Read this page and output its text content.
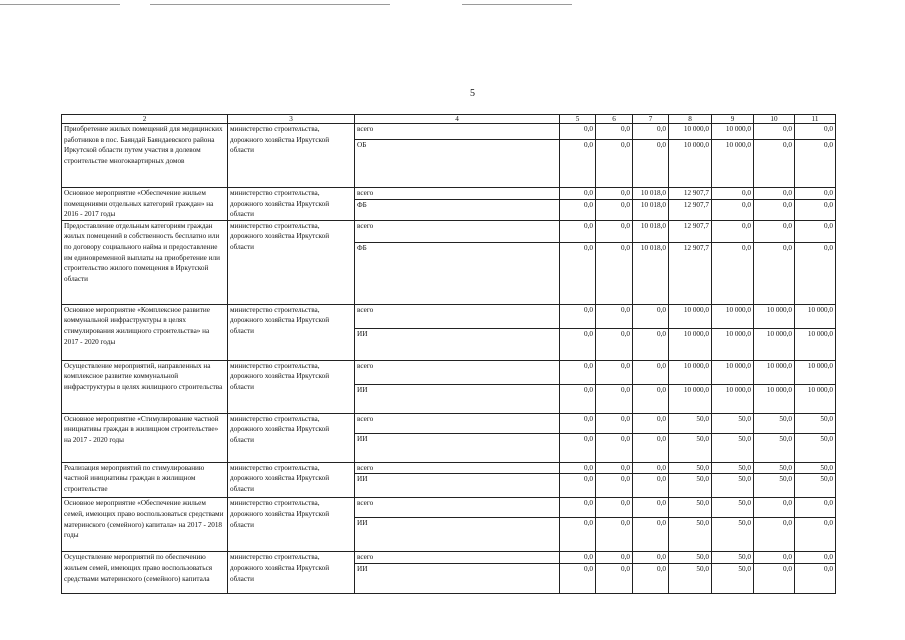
5
2	3	4	5	6	7	8	9	10	11
Приобретение жилых помещений для медицинских работников в пос. Баяндай Баяндаевского района Иркутской области путем участия в долевом строительстве многоквартирных домов	министерство строительства, дорожного хозяйства Иркутской области	всего	0,0	0,0	0,0	10 000,0	10 000,0	0,0	0,0
		ОБ	0,0	0,0	0,0	10 000,0	10 000,0	0,0	0,0
Основное мероприятие «Обеспечение жильем помещениями отдельных категорий граждан» на 2016 - 2017 годы	министерство строительства, дорожного хозяйства Иркутской области	всего	0,0	0,0	10 018,0	12 907,7	0,0	0,0	0,0
		ФБ	0,0	0,0	10 018,0	12 907,7	0,0	0,0	0,0
Предоставление отдельным категориям граждан жилых помещений в собственность бесплатно или по договору социального найма и предоставление им единовременной выплаты на приобретение или строительство жилого помещения в Иркутской области	министерство строительства, дорожного хозяйства Иркутской области	всего	0,0	0,0	10 018,0	12 907,7	0,0	0,0	0,0
		ФБ	0,0	0,0	10 018,0	12 907,7	0,0	0,0	0,0
Основное мероприятие «Комплексное развитие коммунальной инфраструктуры в целях стимулирования жилищного строительства» на 2017 - 2020 годы	министерство строительства, дорожного хозяйства Иркутской области	всего	0,0	0,0	0,0	10 000,0	10 000,0	10 000,0	10 000,0
		ИИ	0,0	0,0	0,0	10 000,0	10 000,0	10 000,0	10 000,0
Осуществление мероприятий, направленных на комплексное развитие коммунальной инфраструктуры в целях жилищного строительства	министерство строительства, дорожного хозяйства Иркутской области	всего	0,0	0,0	0,0	10 000,0	10 000,0	10 000,0	10 000,0
		ИИ	0,0	0,0	0,0	10 000,0	10 000,0	10 000,0	10 000,0
Основное мероприятие «Стимулирование частной инициативы граждан в жилищном строительстве» на 2017 - 2020 годы	министерство строительства, дорожного хозяйства Иркутской области	всего	0,0	0,0	0,0	50,0	50,0	50,0	50,0
		ИИ	0,0	0,0	0,0	50,0	50,0	50,0	50,0
Реализация мероприятий по стимулированию частной инициативы граждан в жилищном строительстве	министерство строительства, дорожного хозяйства Иркутской области	всего	0,0	0,0	0,0	50,0	50,0	50,0	50,0
		ИИ	0,0	0,0	0,0	50,0	50,0	50,0	50,0
Основное мероприятие «Обеспечение жильем семей, имеющих право воспользоваться средствами материнского (семейного) капитала» на 2017 - 2018 годы	министерство строительства, дорожного хозяйства Иркутской области	всего	0,0	0,0	0,0	50,0	50,0	0,0	0,0
		ИИ	0,0	0,0	0,0	50,0	50,0	0,0	0,0
Осуществление мероприятий по обеспечению жильем семей, имеющих право воспользоваться средствами материнского (семейного) капитала	министерство строительства, дорожного хозяйства Иркутской области	всего	0,0	0,0	0,0	50,0	50,0	0,0	0,0
		ИИ	0,0	0,0	0,0	50,0	50,0	0,0	0,0
